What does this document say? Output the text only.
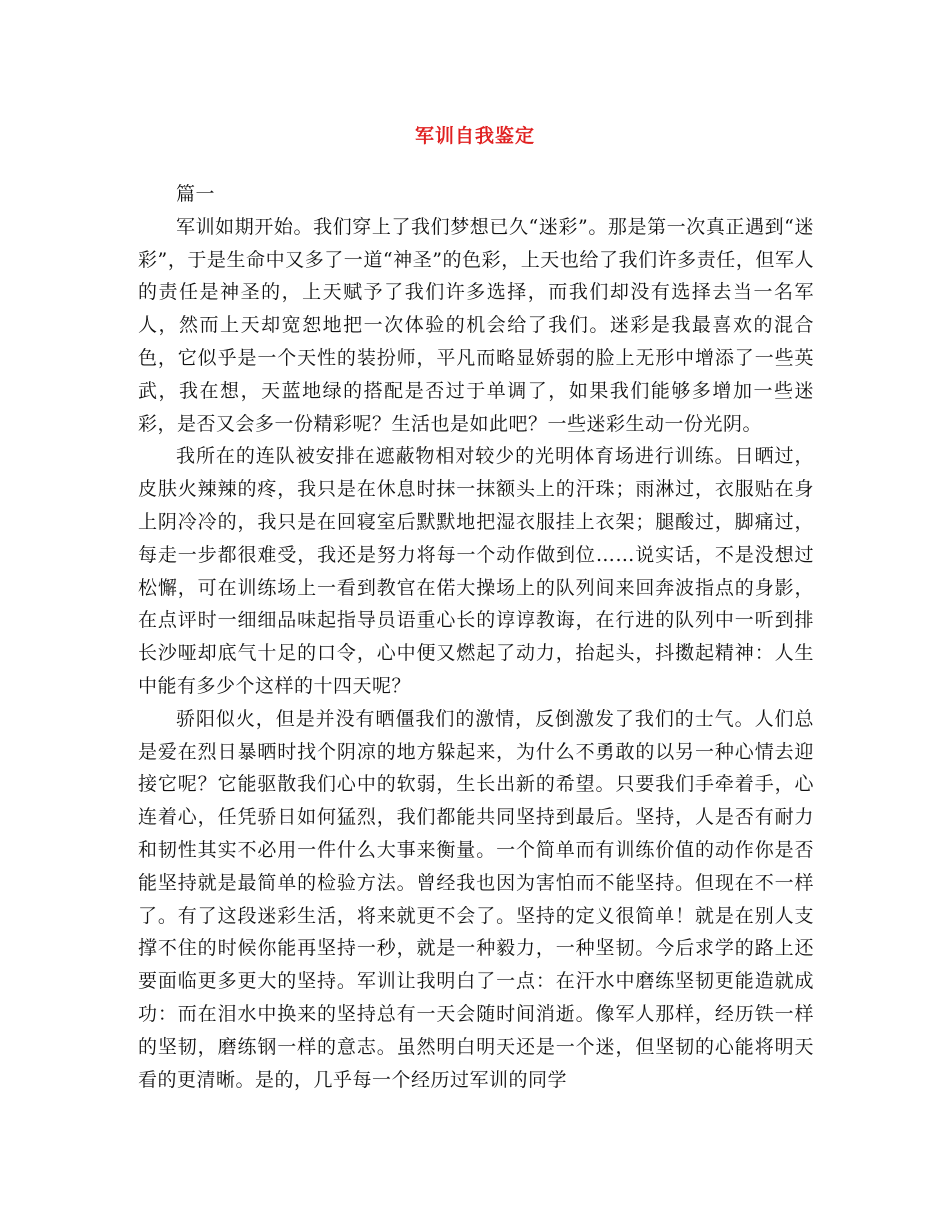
军训自我鉴定

篇一

军训如期开始。我们穿上了我们梦想已久“迷彩”。那是第一次真正遇到“迷彩”，于是生命中又多了一道“神圣”的色彩，上天也给了我们许多责任，但军人的责任是神圣的，上天赋予了我们许多选择，而我们却没有选择去当一名军人，然而上天却宽恕地把一次体验的机会给了我们。迷彩是我最喜欢的混合色，它似乎是一个天性的装扮师，平凡而略显娇弱的脸上无形中增添了一些英武，我在想，天蓝地绿的搭配是否过于单调了，如果我们能够多增加一些迷彩，是否又会多一份精彩呢？生活也是如此吧？一些迷彩生动一份光阴。

我所在的连队被安排在遮蔽物相对较少的光明体育场进行训练。日晒过，皮肤火辣辣的疼，我只是在休息时抹一抹额头上的汗珠；雨淋过，衣服贴在身上阴冷冷的，我只是在回寝室后默默地把湿衣服挂上衣架；腿酸过，脚痛过，每走一步都很难受，我还是努力将每一个动作做到位……说实话，不是没想过松懈，可在训练场上一看到教官在偌大操场上的队列间来回奔波指点的身影，在点评时一细细品味起指导员语重心长的谆谆教诲，在行进的队列中一听到排长沙哑却底气十足的口令，心中便又燃起了动力，抬起头，抖擞起精神：人生中能有多少个这样的十四天呢？

骄阳似火，但是并没有晒僵我们的激情，反倒激发了我们的士气。人们总是爱在烈日暴晒时找个阴凉的地方躲起来，为什么不勇敢的以另一种心情去迎接它呢？它能驱散我们心中的软弱，生长出新的希望。只要我们手牵着手，心连着心，任凭骄日如何猛烈，我们都能共同坚持到最后。坚持，人是否有耐力和韧性其实不必用一件什么大事来衡量。一个简单而有训练价值的动作你是否能坚持就是最简单的检验方法。曾经我也因为害怕而不能坚持。但现在不一样了。有了这段迷彩生活，将来就更不会了。坚持的定义很简单！就是在别人支撑不住的时候你能再坚持一秒，就是一种毅力，一种坚韧。今后求学的路上还要面临更多更大的坚持。军训让我明白了一点：在汗水中磨练坚韧更能造就成功：而在泪水中换来的坚持总有一天会随时间消逝。像军人那样，经历铁一样的坚韧，磨练钢一样的意志。虽然明白明天还是一个迷，但坚韧的心能将明天看的更清晰。是的，几乎每一个经历过军训的同学
